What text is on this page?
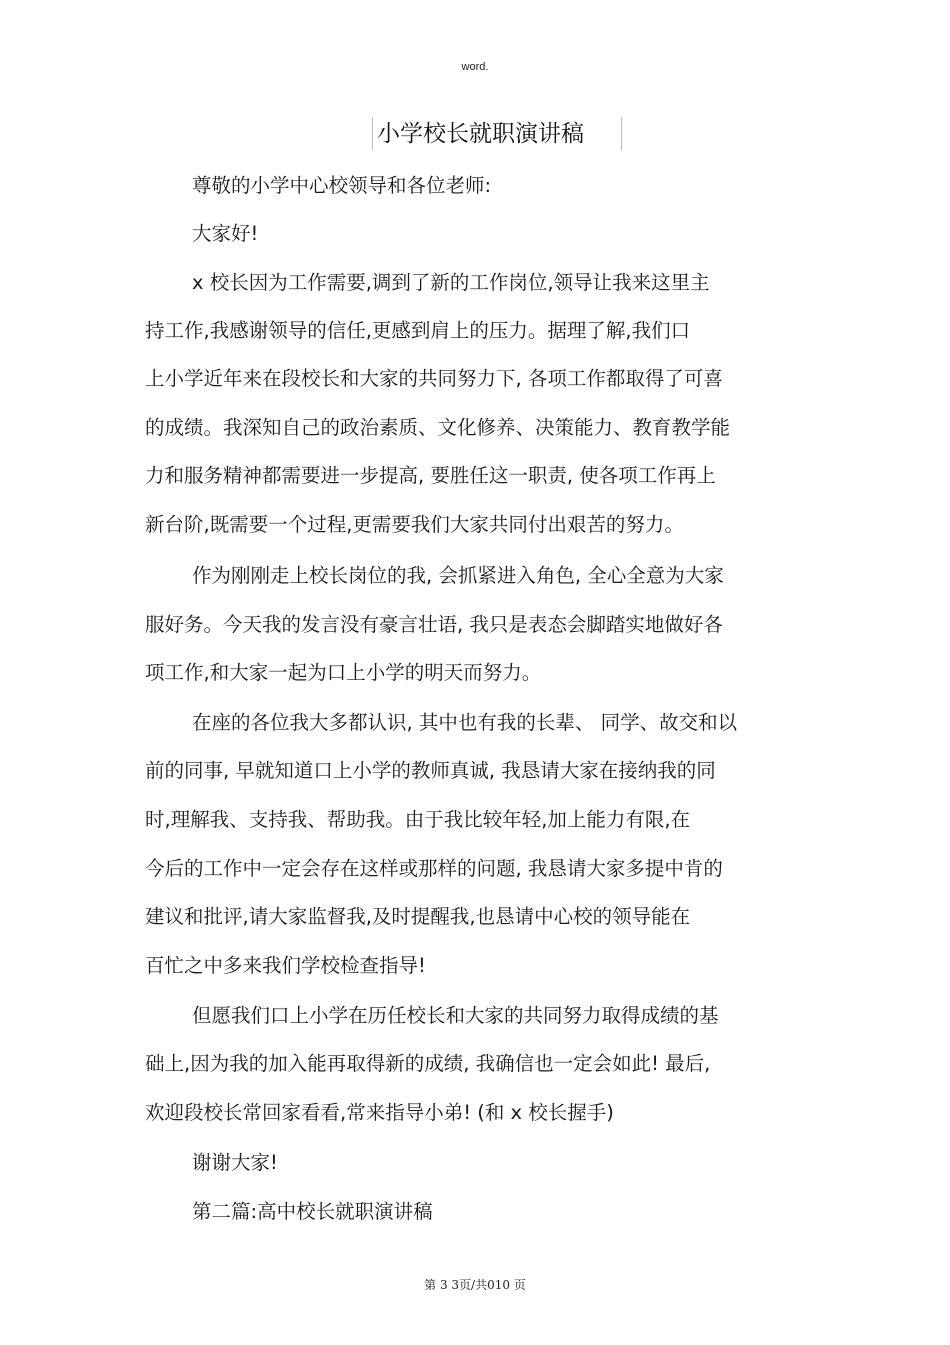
word.
小学校长就职演讲稿
尊敬的小学中心校领导和各位老师:
大家好!
x 校长因为工作需要,调到了新的工作岗位,领导让我来这里主
持工作,我感谢领导的信任,更感到肩上的压力。据理了解,我们口
上小学近年来在段校长和大家的共同努力下, 各项工作都取得了可喜
的成绩。我深知自己的政治素质、文化修养、决策能力、教育教学能
力和服务精神都需要进一步提高, 要胜任这一职责, 使各项工作再上
新台阶,既需要一个过程,更需要我们大家共同付出艰苦的努力。
作为刚刚走上校长岗位的我, 会抓紧进入角色, 全心全意为大家
服好务。今天我的发言没有豪言壮语, 我只是表态会脚踏实地做好各
项工作,和大家一起为口上小学的明天而努力。
在座的各位我大多都认识, 其中也有我的长辈、 同学、故交和以
前的同事, 早就知道口上小学的教师真诚, 我恳请大家在接纳我的同
时,理解我、支持我、帮助我。由于我比较年轻,加上能力有限,在
今后的工作中一定会存在这样或那样的问题, 我恳请大家多提中肯的
建议和批评,请大家监督我,及时提醒我,也恳请中心校的领导能在
百忙之中多来我们学校检查指导!
但愿我们口上小学在历任校长和大家的共同努力取得成绩的基
础上,因为我的加入能再取得新的成绩, 我确信也一定会如此! 最后,
欢迎段校长常回家看看,常来指导小弟! (和 x 校长握手)
谢谢大家!
第二篇:高中校长就职演讲稿
第 3 3页/共010 页
